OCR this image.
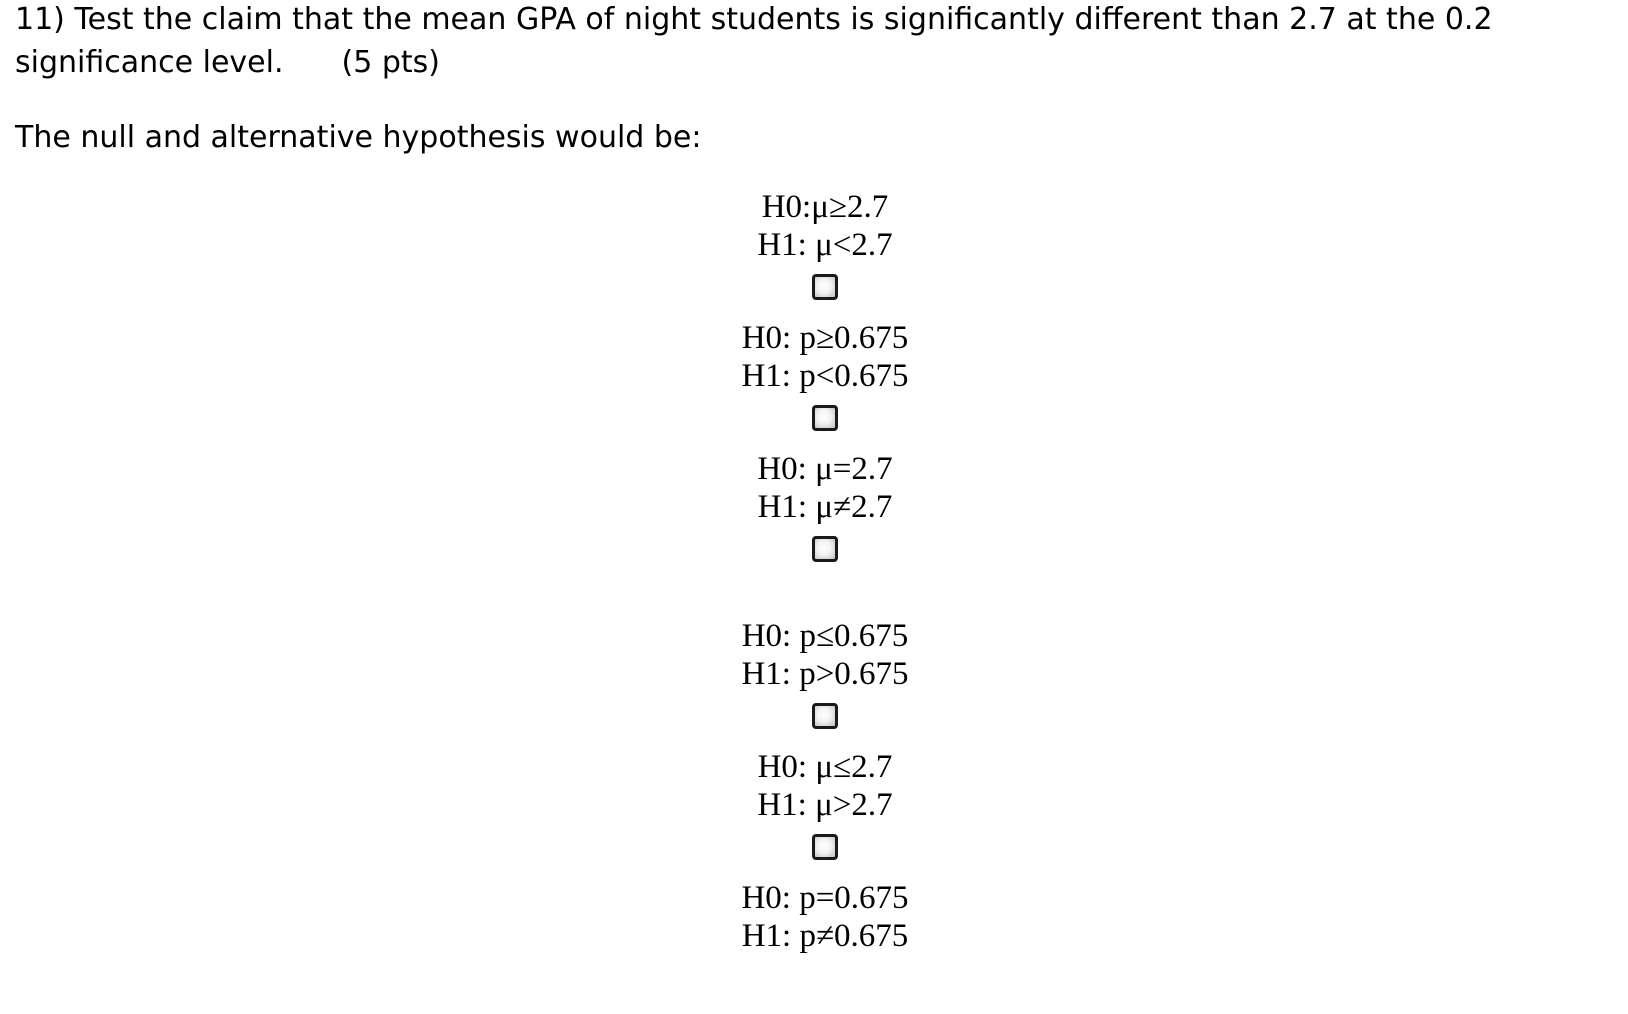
11) Test the claim that the mean GPA of night students is significantly different than 2.7 at the 0.2 significance level. (5 pts)

The null and alternative hypothesis would be:

H0:μ≥2.7
H1: μ<2.7
H0: p≥0.675
H1: p<0.675
H0: μ=2.7
H1: μ≠2.7
H0: p≤0.675
H1: p>0.675
H0: μ≤2.7
H1: μ>2.7
H0: p=0.675
H1: p≠0.675
